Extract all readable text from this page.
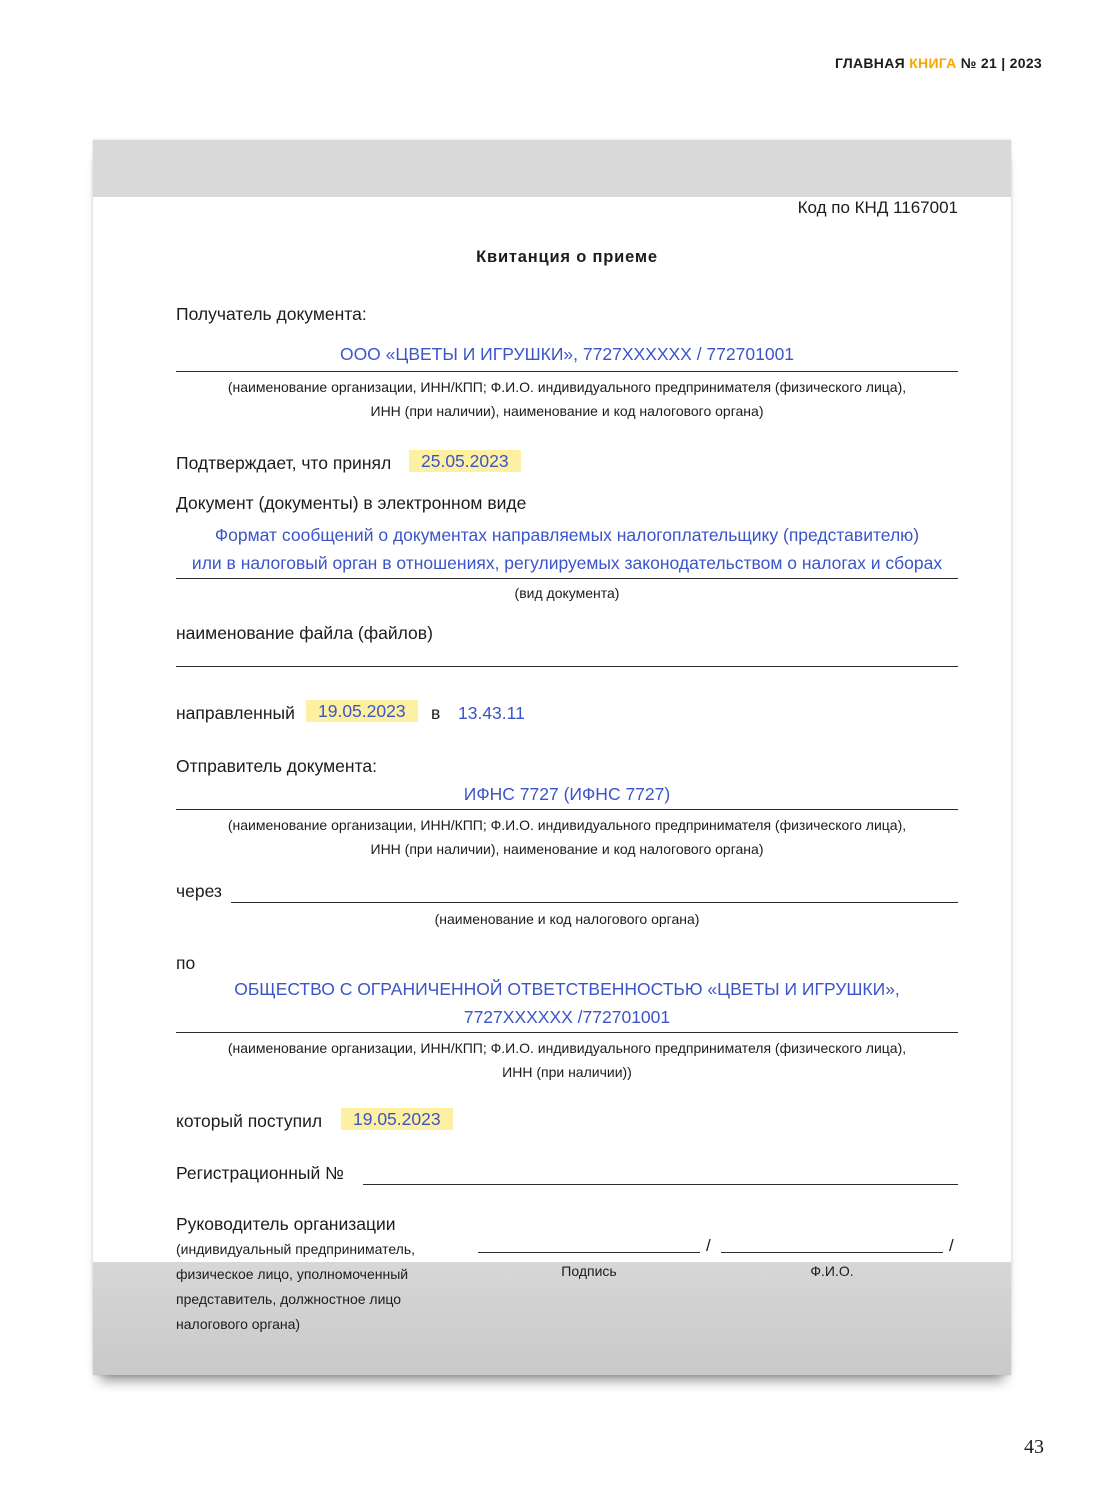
ГЛАВНАЯ КНИГА № 21 | 2023
Код по КНД 1167001
Квитанция о приеме
Получатель документа:
ООО «ЦВЕТЫ И ИГРУШКИ», 7727XXXXXX / 772701001
(наименование организации, ИНН/КПП; Ф.И.О. индивидуального предпринимателя (физического лица),
ИНН (при наличии), наименование и код налогового органа)
Подтверждает, что принял	25.05.2023
Документ (документы) в электронном виде
Формат сообщений о документах направляемых налогоплательщику (представителю)
или в налоговый орган в отношениях, регулируемых законодательством о налогах и сборах
(вид документа)
наименование файла (файлов)
направленный	19.05.2023	в 13.43.11
Отправитель документа:
ИФНС 7727 (ИФНС 7727)
(наименование организации, ИНН/КПП; Ф.И.О. индивидуального предпринимателя (физического лица),
ИНН (при наличии), наименование и код налогового органа)
через
(наименование и код налогового органа)
по
ОБЩЕСТВО С ОГРАНИЧЕННОЙ ОТВЕТСТВЕННОСТЬЮ «ЦВЕТЫ И ИГРУШКИ»,
7727XXXXXX /772701001
(наименование организации, ИНН/КПП; Ф.И.О. индивидуального предпринимателя (физического лица),
ИНН (при наличии))
который поступил	19.05.2023
Регистрационный №
Руководитель организации
(индивидуальный предприниматель,
физическое лицо, уполномоченный
представитель, должностное лицо
налогового органа)
/	/
Подпись	Ф.И.О.
43
